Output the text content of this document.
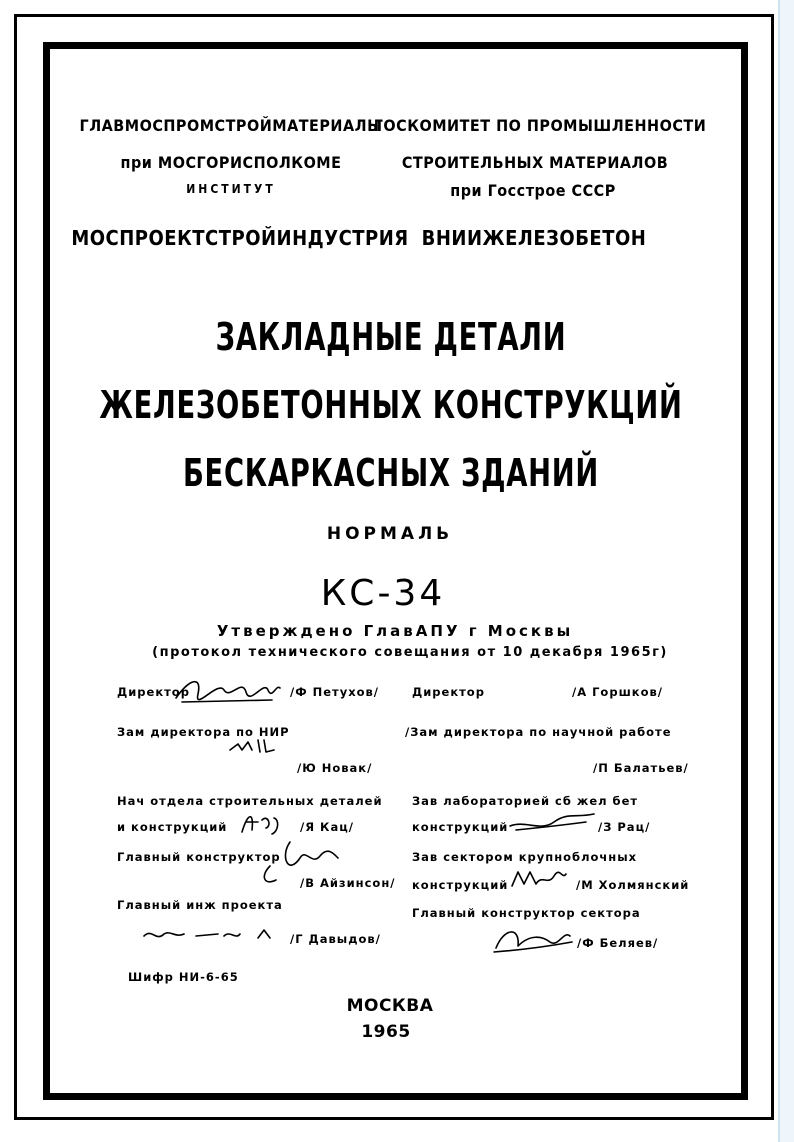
ГЛАВМОСПРОМСТРОЙМАТЕРИАЛЫ
при МОСГОРИСПОЛКОМЕ
ИНСТИТУТ
МОСПРОЕКТСТРОЙИНДУСТРИЯ
ГОСКОМИТЕТ ПО ПРОМЫШЛЕННОСТИ
СТРОИТЕЛЬНЫХ МАТЕРИАЛОВ
при Госстрое СССР
ВНИИЖЕЛЕЗОБЕТОН
ЗАКЛАДНЫЕ ДЕТАЛИ
ЖЕЛЕЗОБЕТОННЫХ КОНСТРУКЦИЙ
БЕСКАРКАСНЫХ ЗДАНИЙ
НОРМАЛЬ
КС-34
Утверждено ГлавАПУ г Москвы
(протокол технического совещания от 10 декабря 1965г)
Директор	/Ф Петухов/
Зам директора по НИР
/Ю Новак/
Нач отдела строительных деталей
и конструкций	/Я Кац/
Главный конструктор
/В Айзинсон/
Главный инж проекта
/Г Давыдов/
Директор	/А Горшков/
/Зам директора по научной работе
/П Балатьев/
Зав лабораторией сб жел бет
конструкций	/З Рац/
Зав сектором крупноблочных
конструкций	/М Холмянский
Главный конструктор сектора
/Ф Беляев/
Шифр НИ-6-65
МОСКВА
1965
